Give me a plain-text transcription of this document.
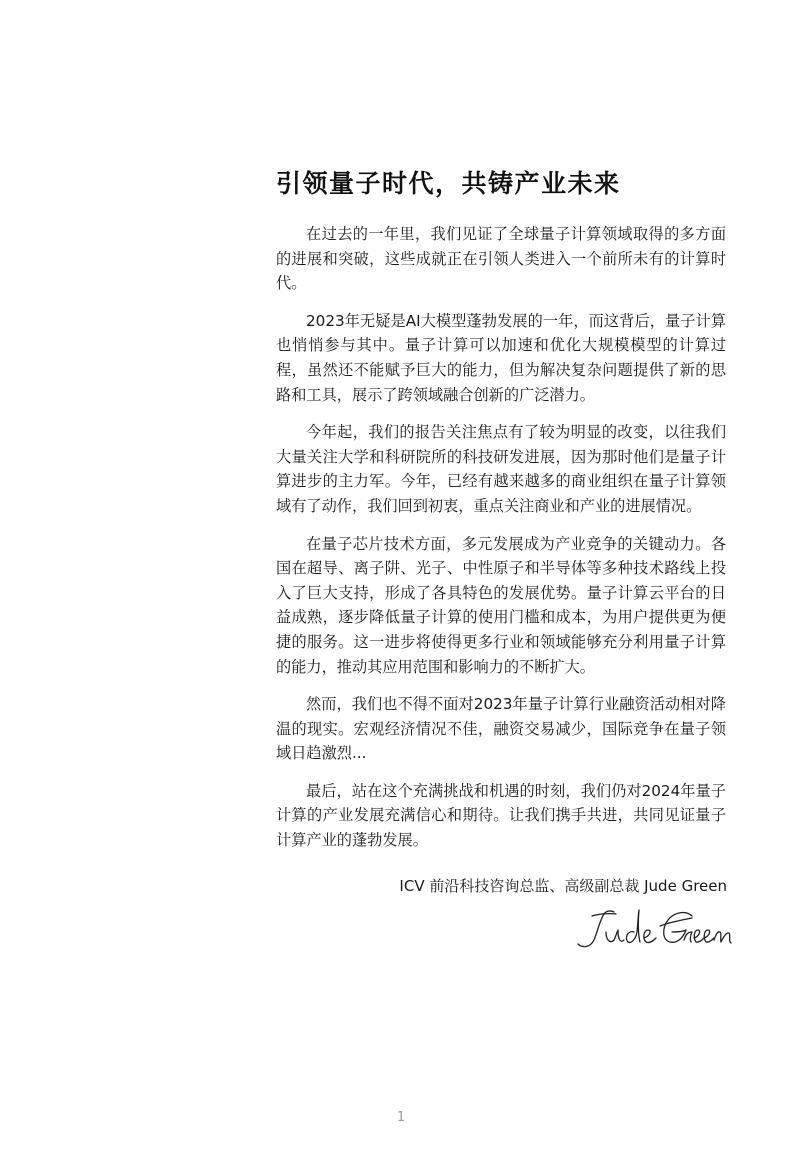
引领量子时代，共铸产业未来

在过去的一年里，我们见证了全球量子计算领域取得的多方面的进展和突破，这些成就正在引领人类进入一个前所未有的计算时代。

2023年无疑是AI大模型蓬勃发展的一年，而这背后，量子计算也悄悄参与其中。量子计算可以加速和优化大规模模型的计算过程，虽然还不能赋予巨大的能力，但为解决复杂问题提供了新的思路和工具，展示了跨领域融合创新的广泛潜力。

今年起，我们的报告关注焦点有了较为明显的改变，以往我们大量关注大学和科研院所的科技研发进展，因为那时他们是量子计算进步的主力军。今年，已经有越来越多的商业组织在量子计算领域有了动作，我们回到初衷，重点关注商业和产业的进展情况。

在量子芯片技术方面，多元发展成为产业竞争的关键动力。各国在超导、离子阱、光子、中性原子和半导体等多种技术路线上投入了巨大支持，形成了各具特色的发展优势。量子计算云平台的日益成熟，逐步降低量子计算的使用门槛和成本，为用户提供更为便捷的服务。这一进步将使得更多行业和领域能够充分利用量子计算的能力，推动其应用范围和影响力的不断扩大。

然而，我们也不得不面对2023年量子计算行业融资活动相对降温的现实。宏观经济情况不佳，融资交易减少，国际竞争在量子领域日趋激烈...

最后，站在这个充满挑战和机遇的时刻，我们仍对2024年量子计算的产业发展充满信心和期待。让我们携手共进，共同见证量子计算产业的蓬勃发展。

ICV 前沿科技咨询总监、高级副总裁 Jude Green
1
